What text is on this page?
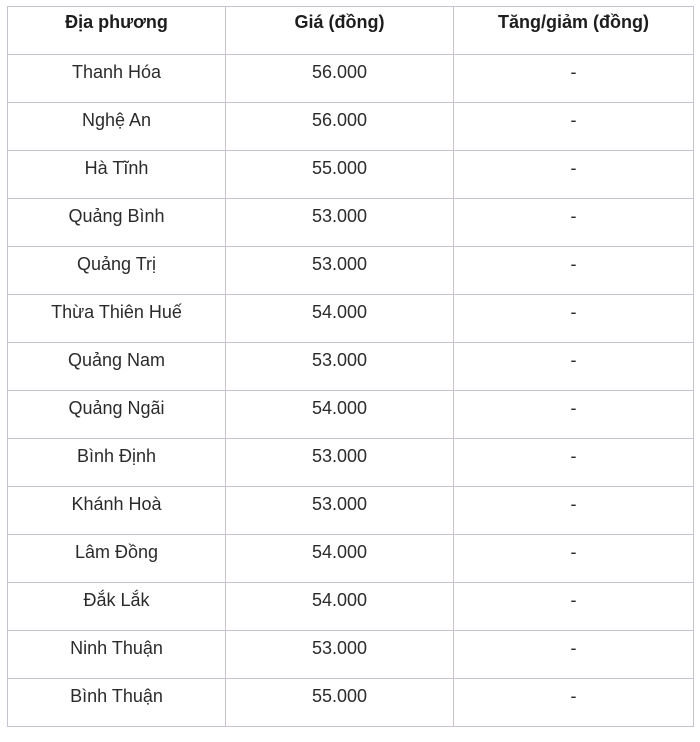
Địa phương	Giá (đồng)	Tăng/giảm (đồng)
Thanh Hóa	56.000	-
Nghệ An	56.000	-
Hà Tĩnh	55.000	-
Quảng Bình	53.000	-
Quảng Trị	53.000	-
Thừa Thiên Huế	54.000	-
Quảng Nam	53.000	-
Quảng Ngãi	54.000	-
Bình Định	53.000	-
Khánh Hoà	53.000	-
Lâm Đồng	54.000	-
Đắk Lắk	54.000	-
Ninh Thuận	53.000	-
Bình Thuận	55.000	-
